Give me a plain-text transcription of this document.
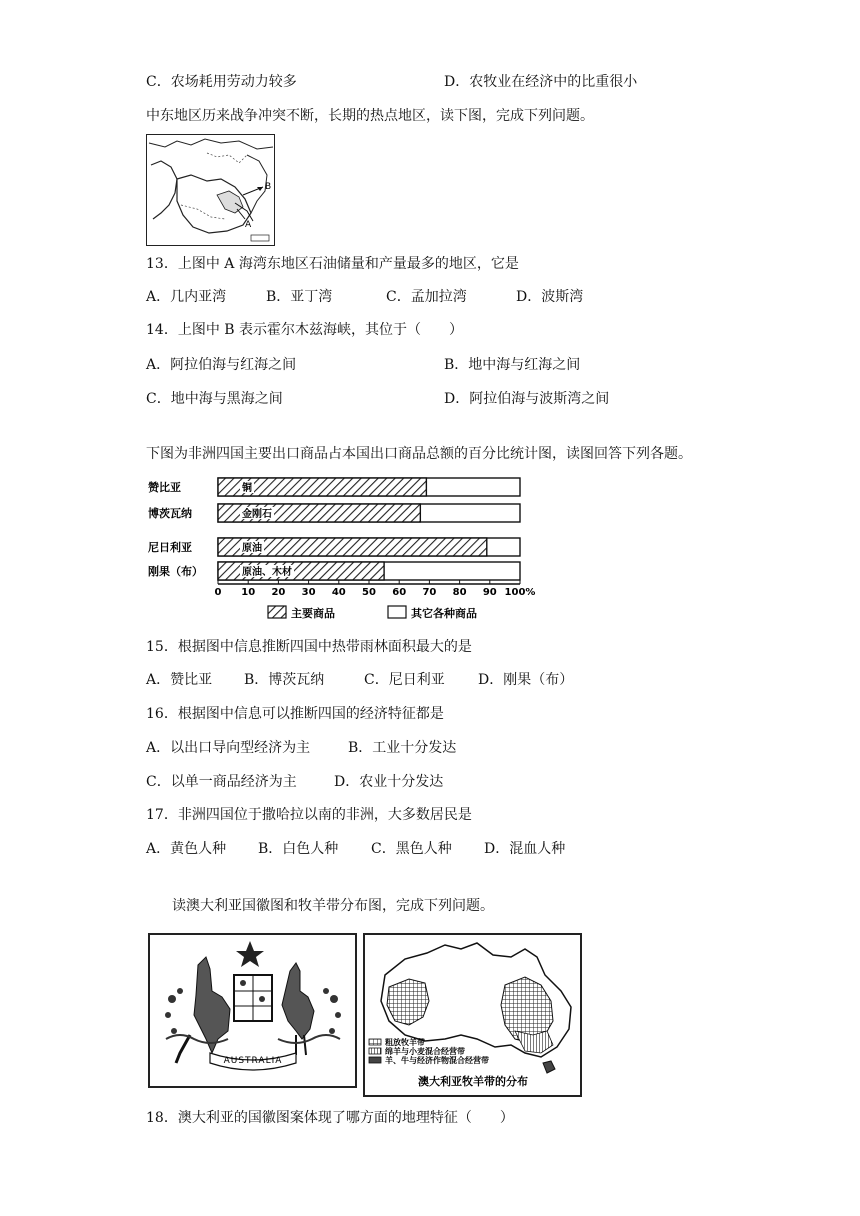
C．农场耗用劳动力较多	D．农牧业在经济中的比重很小
中东地区历来战争冲突不断，长期的热点地区，读下图，完成下列问题。
B
A
13．上图中 A 海湾东地区石油储量和产量最多的地区，它是
A．几内亚湾	B．亚丁湾	C．孟加拉湾	D．波斯湾
14．上图中 B 表示霍尔木兹海峡，其位于（　　）
A．阿拉伯海与红海之间	B．地中海与红海之间
C．地中海与黑海之间	D．阿拉伯海与波斯湾之间
下图为非洲四国主要出口商品占本国出口商品总额的百分比统计图，读图回答下列各题。
赞比亚	铜
博茨瓦纳	金刚石
尼日利亚	原油
刚果（布）	原油、木材
0 10 20 30 40 50 60 70 80 90 100%
主要商品	其它各种商品
15．根据图中信息推断四国中热带雨林面积最大的是
A．赞比亚 B．博茨瓦纳	C．尼日利亚 D．刚果（布）
16．根据图中信息可以推断四国的经济特征都是
A．以出口导向型经济为主	B．工业十分发达
C．以单一商品经济为主	D．农业十分发达
17．非洲四国位于撒哈拉以南的非洲，大多数居民是
A．黄色人种 B．白色人种 C．黑色人种 D．混血人种
读澳大利亚国徽图和牧羊带分布图，完成下列问题。
AUSTRALIA
粗放牧羊带
绵羊与小麦混合经营带
羊、牛与经济作物混合经营带
澳大利亚牧羊带的分布
18．澳大利亚的国徽图案体现了哪方面的地理特征（　　）
